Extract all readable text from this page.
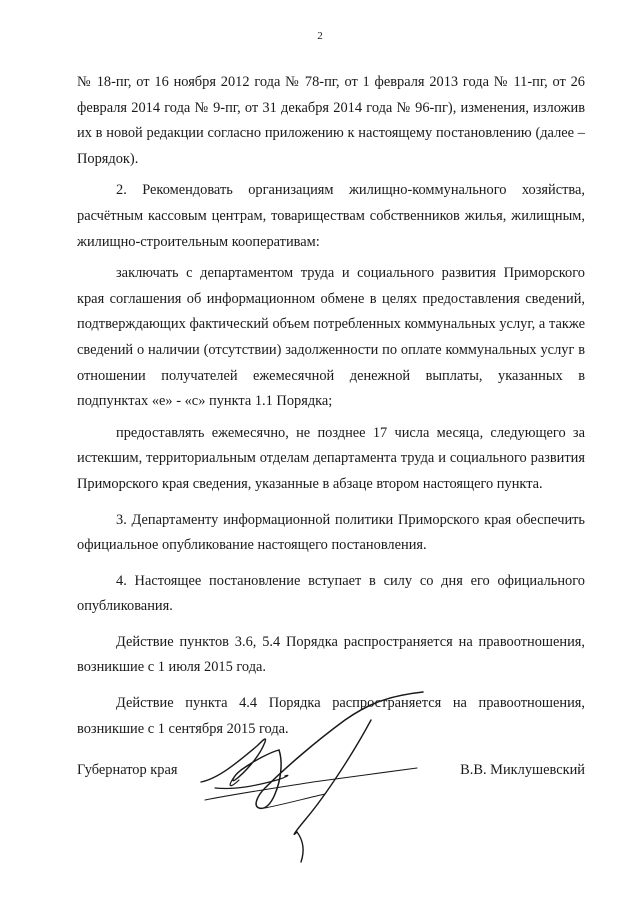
2

№ 18-пг, от 16 ноября 2012 года № 78-пг, от 1 февраля 2013 года № 11-пг, от 26 февраля 2014 года № 9-пг, от 31 декабря 2014 года № 96-пг), изменения, изложив их в новой редакции согласно приложению к настоящему постановлению (далее – Порядок).

2. Рекомендовать организациям жилищно-коммунального хозяйства, расчётным кассовым центрам, товариществам собственников жилья, жилищным, жилищно-строительным кооперативам:

заключать с департаментом труда и социального развития Приморского края соглашения об информационном обмене в целях предоставления сведений, подтверждающих фактический объем потребленных коммунальных услуг, а также сведений о наличии (отсутствии) задолженности по оплате коммунальных услуг в отношении получателей ежемесячной денежной выплаты, указанных в подпунктах «е» - «с» пункта 1.1 Порядка;

предоставлять ежемесячно, не позднее 17 числа месяца, следующего за истекшим, территориальным отделам департамента труда и социального развития Приморского края сведения, указанные в абзаце втором настоящего пункта.

3. Департаменту информационной политики Приморского края обеспечить официальное опубликование настоящего постановления.

4. Настоящее постановление вступает в силу со дня его официального опубликования.

Действие пунктов 3.6, 5.4 Порядка распространяется на правоотношения, возникшие с 1 июля 2015 года.

Действие пункта 4.4 Порядка распространяется на правоотношения, возникшие с 1 сентября 2015 года.

Губернатор края	В.В. Миклушевский
